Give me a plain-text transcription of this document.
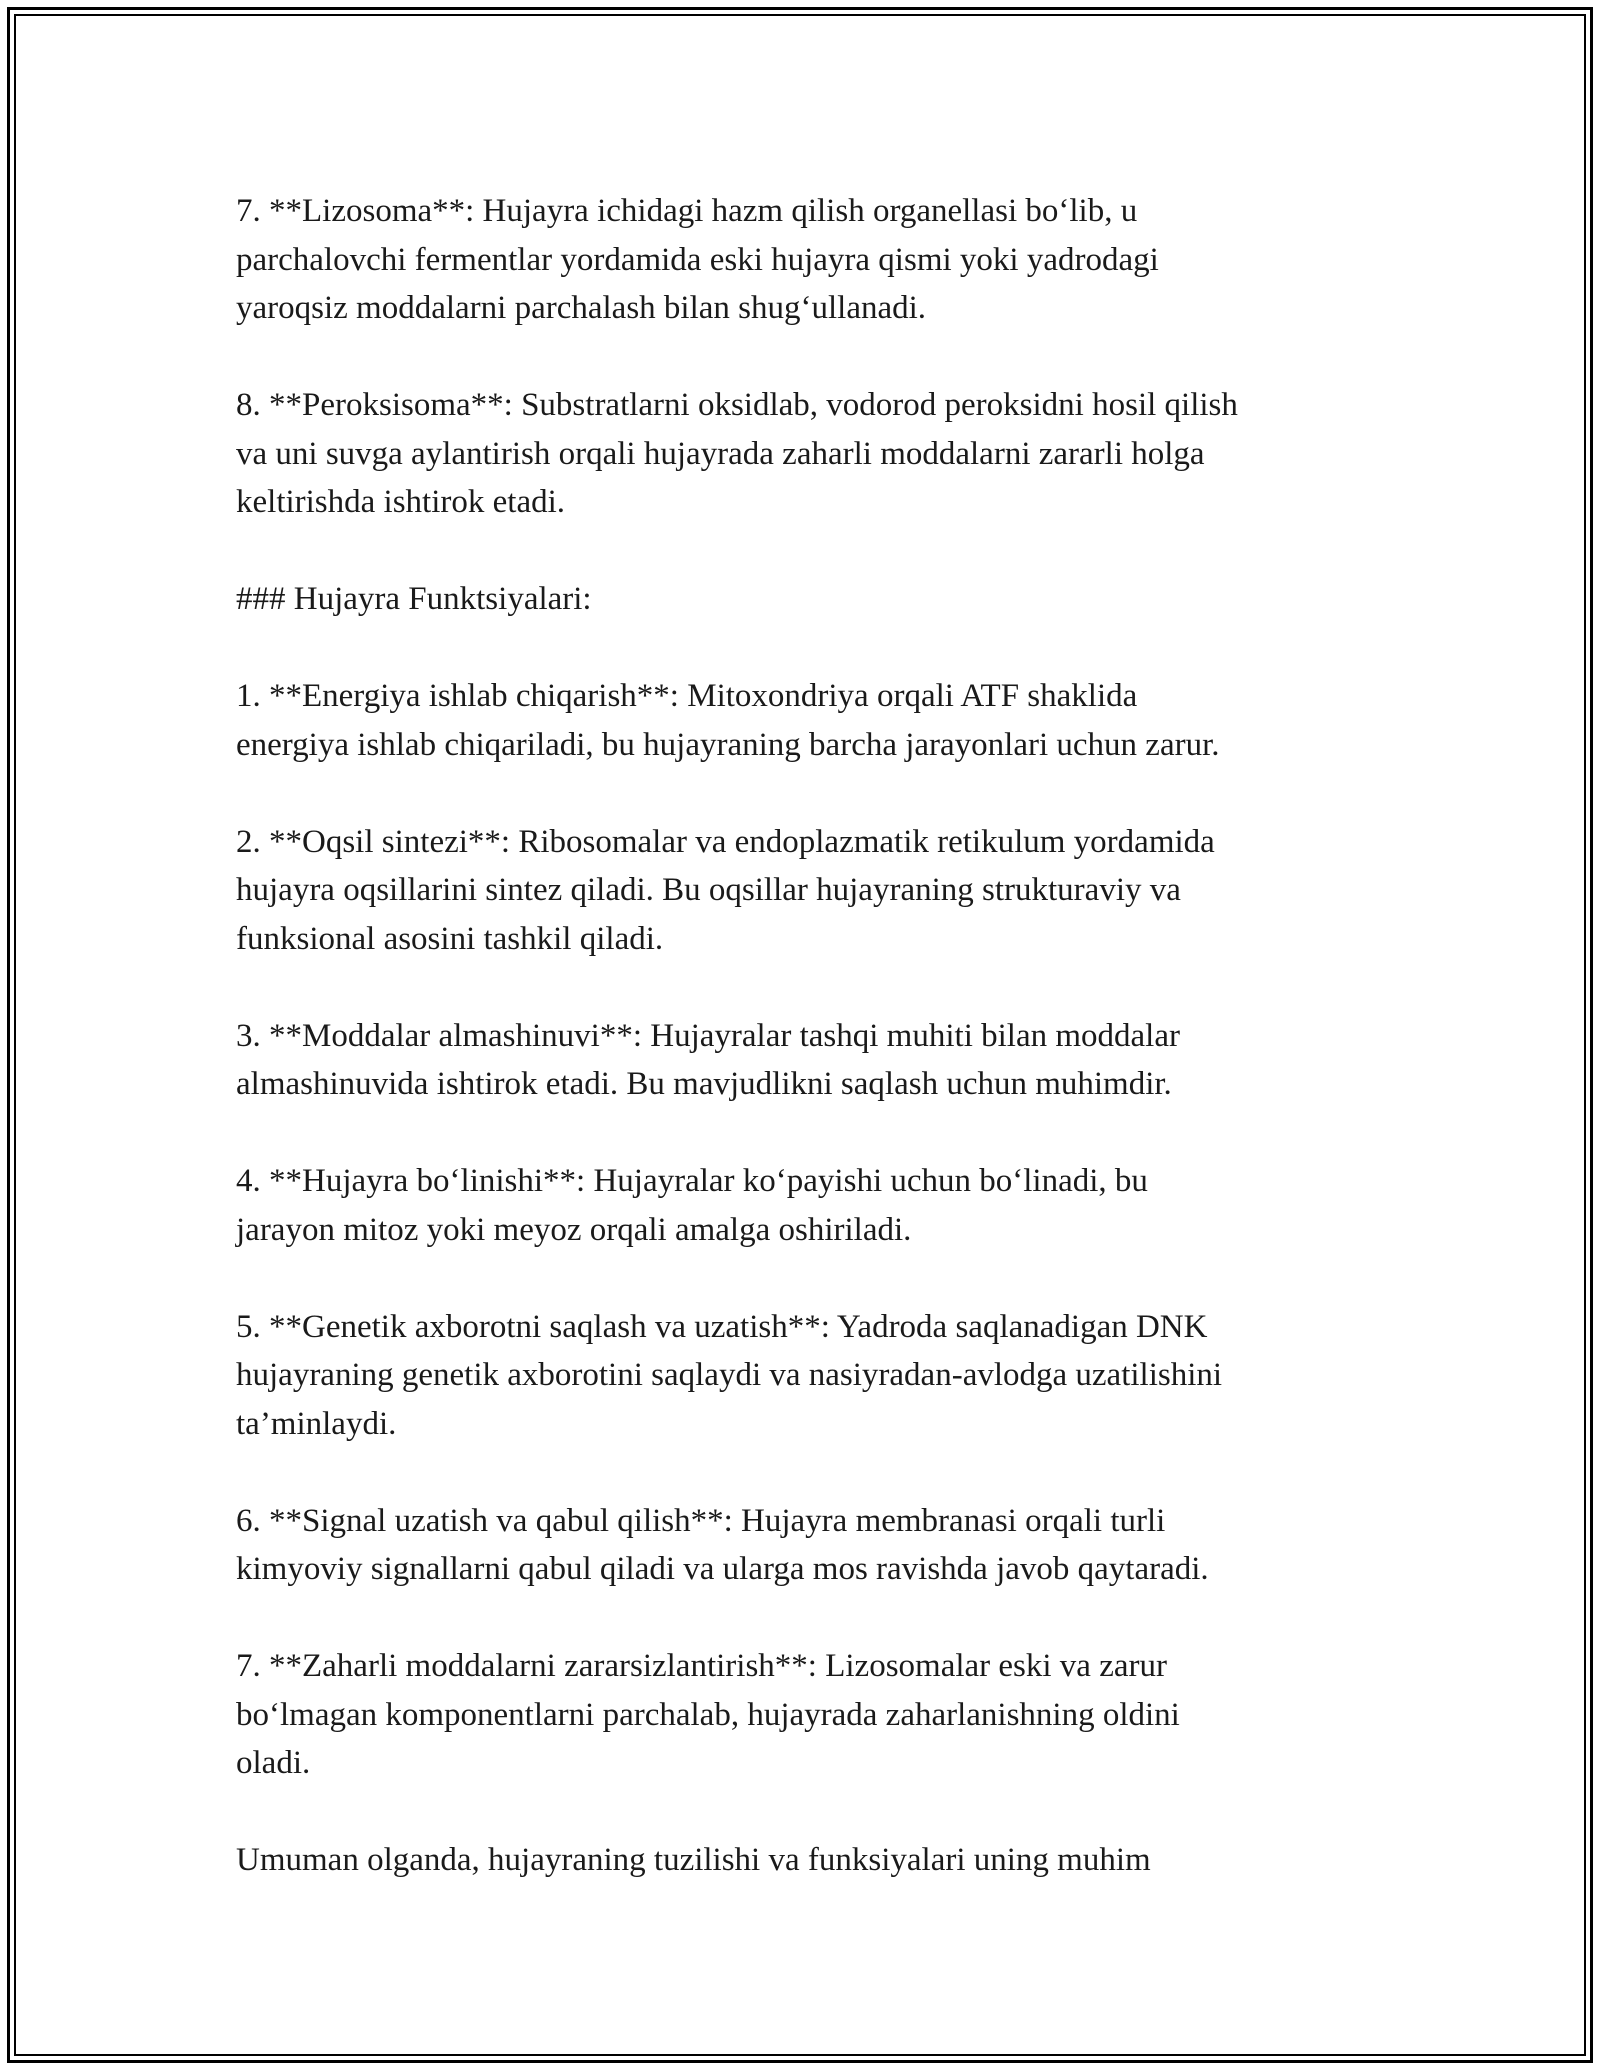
7. **Lizosoma**: Hujayra ichidagi hazm qilish organellasi bo‘lib, u
parchalovchi fermentlar yordamida eski hujayra qismi yoki yadrodagi
yaroqsiz moddalarni parchalash bilan shug‘ullanadi.

8. **Peroksisoma**: Substratlarni oksidlab, vodorod peroksidni hosil qilish
va uni suvga aylantirish orqali hujayrada zaharli moddalarni zararli holga
keltirishda ishtirok etadi.

### Hujayra Funktsiyalari:

1. **Energiya ishlab chiqarish**: Mitoxondriya orqali ATF shaklida
energiya ishlab chiqariladi, bu hujayraning barcha jarayonlari uchun zarur.

2. **Oqsil sintezi**: Ribosomalar va endoplazmatik retikulum yordamida
hujayra oqsillarini sintez qiladi. Bu oqsillar hujayraning strukturaviy va
funksional asosini tashkil qiladi.

3. **Moddalar almashinuvi**: Hujayralar tashqi muhiti bilan moddalar
almashinuvida ishtirok etadi. Bu mavjudlikni saqlash uchun muhimdir.

4. **Hujayra bo‘linishi**: Hujayralar ko‘payishi uchun bo‘linadi, bu
jarayon mitoz yoki meyoz orqali amalga oshiriladi.

5. **Genetik axborotni saqlash va uzatish**: Yadroda saqlanadigan DNK
hujayraning genetik axborotini saqlaydi va nasiyradan-avlodga uzatilishini
ta’minlaydi.

6. **Signal uzatish va qabul qilish**: Hujayra membranasi orqali turli
kimyoviy signallarni qabul qiladi va ularga mos ravishda javob qaytaradi.

7. **Zaharli moddalarni zararsizlantirish**: Lizosomalar eski va zarur
bo‘lmagan komponentlarni parchalab, hujayrada zaharlanishning oldini
oladi.

Umuman olganda, hujayraning tuzilishi va funksiyalari uning muhim
